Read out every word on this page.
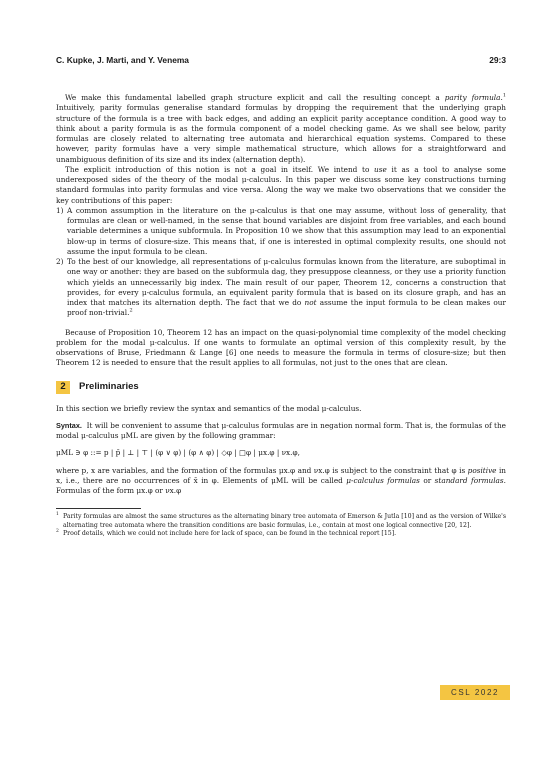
C. Kupke, J. Marti, and Y. Venema	29:3

We make this fundamental labelled graph structure explicit and call the resulting concept a parity formula.$^1$ Intuitively, parity formulas generalise standard formulas by dropping the requirement that the underlying graph structure of the formula is a tree with back edges, and adding an explicit parity acceptance condition. A good way to think about a parity formula is as the formula component of a model checking game. As we shall see below, parity formulas are closely related to alternating tree automata and hierarchical equation systems. Compared to these however, parity formulas have a very simple mathematical structure, which allows for a straightforward and unambiguous definition of its size and its index (alternation depth).

The explicit introduction of this notion is not a goal in itself. We intend to use it as a tool to analyse some underexposed sides of the theory of the modal μ-calculus. In this paper we discuss some key constructions turning standard formulas into parity formulas and vice versa. Along the way we make two observations that we consider the key contributions of this paper:

1) A common assumption in the literature on the μ-calculus is that one may assume, without loss of generality, that formulas are clean or well-named, in the sense that bound variables are disjoint from free variables, and each bound variable determines a unique subformula. In Proposition 10 we show that this assumption may lead to an exponential blow-up in terms of closure-size. This means that, if one is interested in optimal complexity results, one should not assume the input formula to be clean.
2) To the best of our knowledge, all representations of μ-calculus formulas known from the literature, are suboptimal in one way or another: they are based on the subformula dag, they presuppose cleanness, or they use a priority function which yields an unnecessarily big index. The main result of our paper, Theorem 12, concerns a construction that provides, for every μ-calculus formula, an equivalent parity formula that is based on its closure graph, and has an index that matches its alternation depth. The fact that we do not assume the input formula to be clean makes our proof non-trivial.$^2$

Because of Proposition 10, Theorem 12 has an impact on the quasi-polynomial time complexity of the model checking problem for the modal μ-calculus. If one wants to formulate an optimal version of this complexity result, by the observations of Bruse, Friedmann & Lange [6] one needs to measure the formula in terms of closure-size; but then Theorem 12 is needed to ensure that the result applies to all formulas, not just to the ones that are clean.

2	Preliminaries

In this section we briefly review the syntax and semantics of the modal μ-calculus.

Syntax. It will be convenient to assume that μ-calculus formulas are in negation normal form. That is, the formulas of the modal μ-calculus μML are given by the following grammar:

μML ∋ φ ::= p | p̄ | ⊥ | ⊤ | (φ ∨ φ) | (φ ∧ φ) | ◇φ | □φ | μx.φ | νx.φ,

where p, x are variables, and the formation of the formulas μx.φ and νx.φ is subject to the constraint that φ is positive in x, i.e., there are no occurrences of x̄ in φ. Elements of μML will be called μ-calculus formulas or standard formulas. Formulas of the form μx.φ or νx.φ

1 Parity formulas are almost the same structures as the alternating binary tree automata of Emerson & Jutla [10] and as the version of Wilke's alternating tree automata where the transition conditions are basic formulas, i.e., contain at most one logical connective [20, 12].

2 Proof details, which we could not include here for lack of space, can be found in the technical report [15].

CSL 2022
